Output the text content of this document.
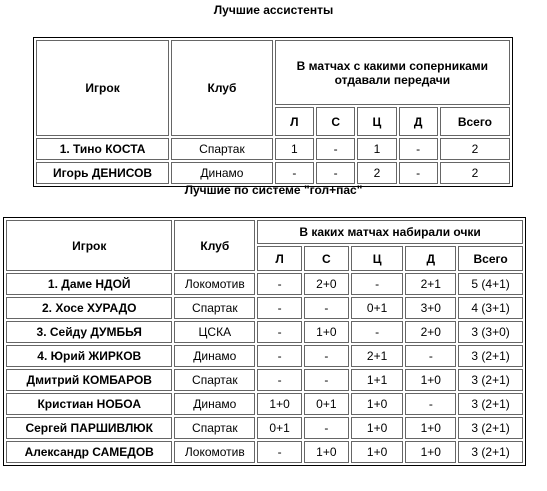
Лучшие ассистенты
Игрок	Клуб	В матчах с какими соперниками отдавали передачи				
		Л	С	Ц	Д	Всего
1. Тино КОСТА	Спартак	1	-	1	-	2
Игорь ДЕНИСОВ	Динамо	-	-	2	-	2
Лучшие по системе "гол+пас"
Игрок	Клуб	В каких матчах набирали очки				
		Л	С	Ц	Д	Всего
1. Даме НДОЙ	Локомотив	-	2+0	-	2+1	5 (4+1)
2. Хосе ХУРАДО	Спартак	-	-	0+1	3+0	4 (3+1)
3. Сейду ДУМБЬЯ	ЦСКА	-	1+0	-	2+0	3 (3+0)
4. Юрий ЖИРКОВ	Динамо	-	-	2+1	-	3 (2+1)
Дмитрий КОМБАРОВ	Спартак	-	-	1+1	1+0	3 (2+1)
Кристиан НОБОА	Динамо	1+0	0+1	1+0	-	3 (2+1)
Сергей ПАРШИВЛЮК	Спартак	0+1	-	1+0	1+0	3 (2+1)
Александр САМЕДОВ	Локомотив	-	1+0	1+0	1+0	3 (2+1)
